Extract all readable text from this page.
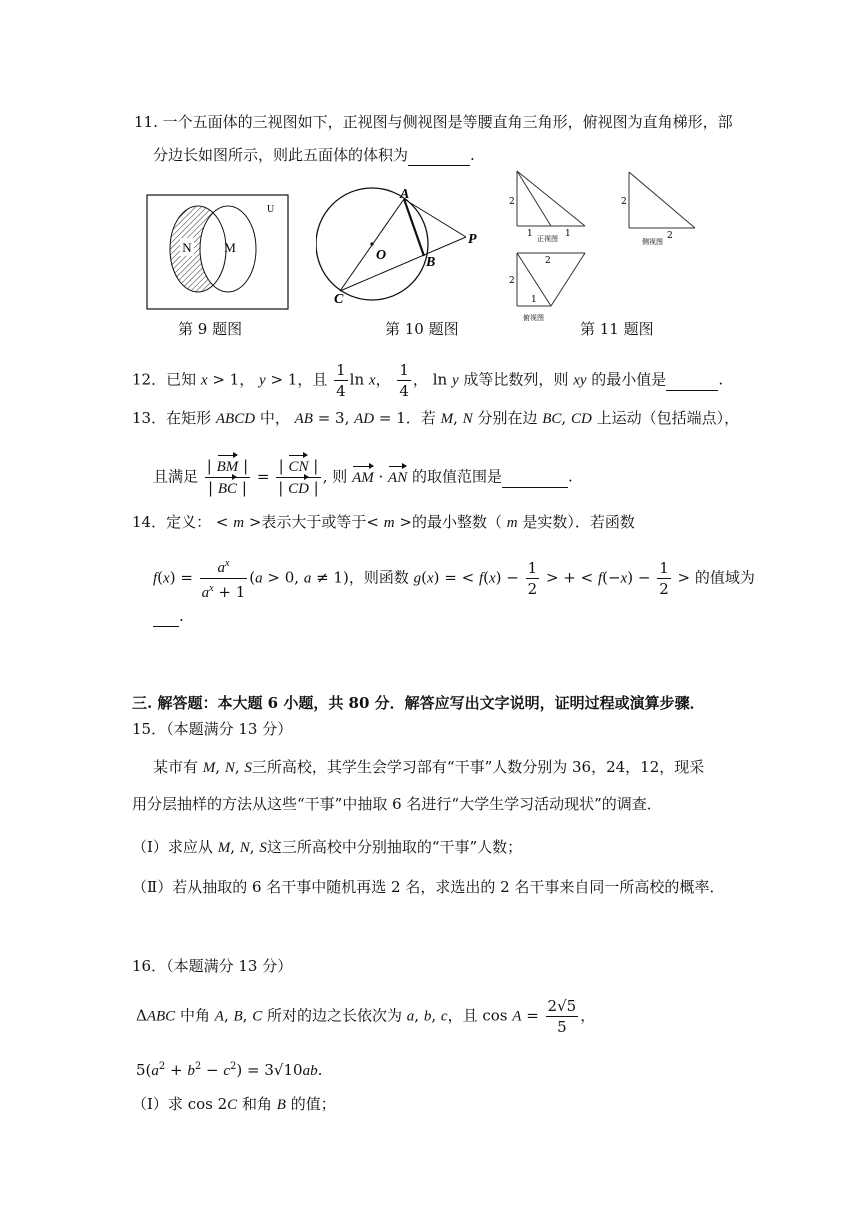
11. 一个五面体的三视图如下，正视图与侧视图是等腰直角三角形，俯视图为直角梯形，部
分边长如图所示，则此五面体的体积为	.
N	M
U
第 9 题图
A
O
P
B
C
第 10 题图
2
1	1
正视图
2
2
侧视图
2
2
1
俯视图
第 11 题图
12．已知 x > 1， y > 1，且 $\frac{1}{4}$ ln x， $\frac{1}{4}$ ， ln y 成等比数列，则 xy 的最小值是	.
13．在矩形 ABCD 中， AB = 3, AD = 1．若 M, N 分别在边 BC, CD 上运动（包括端点），
且满足 $\frac{| BM |}{| BC |} = \frac{| CN |}{| CD |}$ , 则 AM · AN 的取值范围是	.
14．定义： < m >表示大于或等于< m >的最小整数（ m 是实数）．若函数
$f(x) = \frac{a^x}{a^x + 1} (a > 0$, a ≠ 1)，则函数 g(x) = < $f(x) - \frac{1}{2}$ > + < $f(-x) - \frac{1}{2}$ > 的值域为
.
三. 解答题：本大题 6 小题，共 80 分．解答应写出文字说明，证明过程或演算步骤．
15．（本题满分 13 分）
某市有 M, N, S三所高校，其学生会学习部有“干事”人数分别为 36，24，12，现采
用分层抽样的方法从这些“干事”中抽取 6 名进行“大学生学习活动现状”的调查．
（Ⅰ）求应从 M, N, S这三所高校中分别抽取的“干事”人数；
（Ⅱ）若从抽取的 6 名干事中随机再选 2 名，求选出的 2 名干事来自同一所高校的概率．
16．（本题满分 13 分）
ΔABC 中角 A, B, C 所对的边之长依次为 a, b, c，且 $\cos A = \frac{2√5}{5}$ ，
$5(a^2 + b^2 - c^2) = 3√10ab$.
（Ⅰ）求 cos 2C 和角 B 的值；
